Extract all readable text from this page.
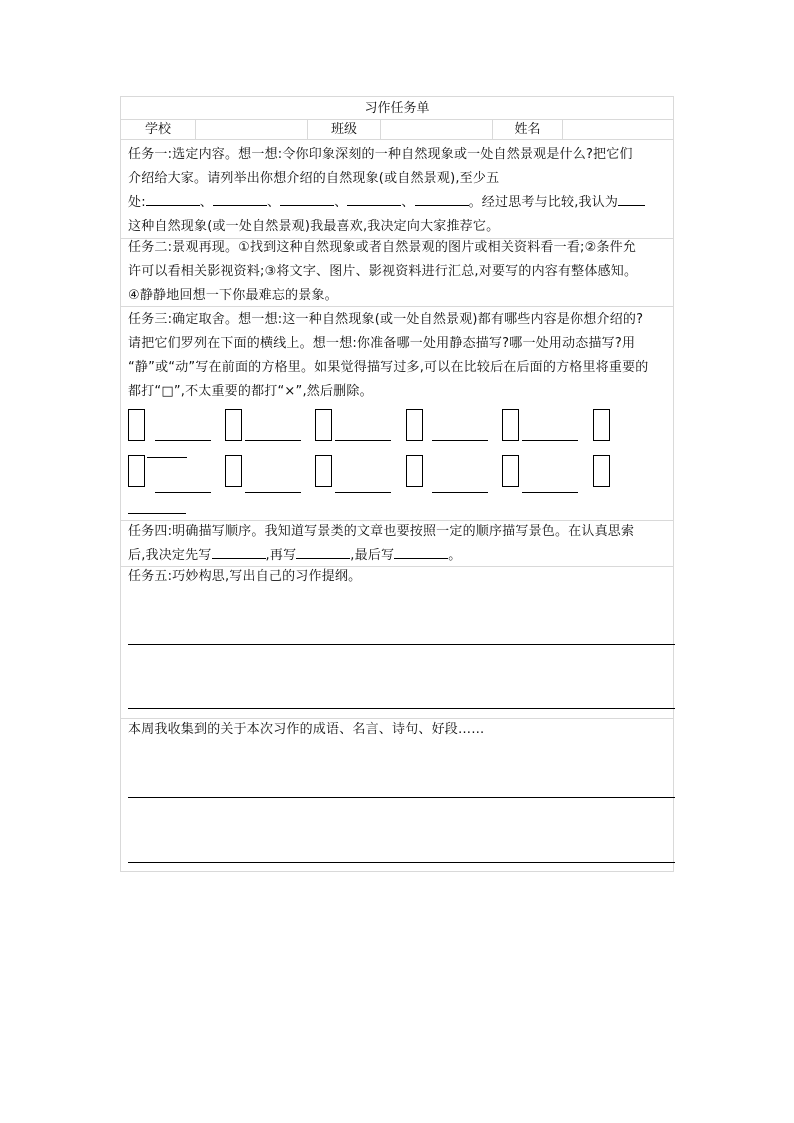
习作任务单
学校	班级	姓名
任务一:选定内容。想一想:令你印象深刻的一种自然现象或一处自然景观是什么?把它们
介绍给大家。请列举出你想介绍的自然现象(或自然景观),至少五
处:	、	、	、	、	。经过思考与比较,我认为
这种自然现象(或一处自然景观)我最喜欢,我决定向大家推荐它。
任务二:景观再现。①找到这种自然现象或者自然景观的图片或相关资料看一看;②条件允
许可以看相关影视资料;③将文字、图片、影视资料进行汇总,对要写的内容有整体感知。
④静静地回想一下你最难忘的景象。
任务三:确定取舍。想一想:这一种自然现象(或一处自然景观)都有哪些内容是你想介绍的?
请把它们罗列在下面的横线上。想一想:你准备哪一处用静态描写?哪一处用动态描写?用
“静”或“动”写在前面的方格里。如果觉得描写过多,可以在比较后在后面的方格里将重要的
都打“□”,不太重要的都打“×”,然后删除。
任务四:明确描写顺序。我知道写景类的文章也要按照一定的顺序描写景色。在认真思索
后,我决定先写	,再写	,最后写	。
任务五:巧妙构思,写出自己的习作提纲。
本周我收集到的关于本次习作的成语、名言、诗句、好段……
